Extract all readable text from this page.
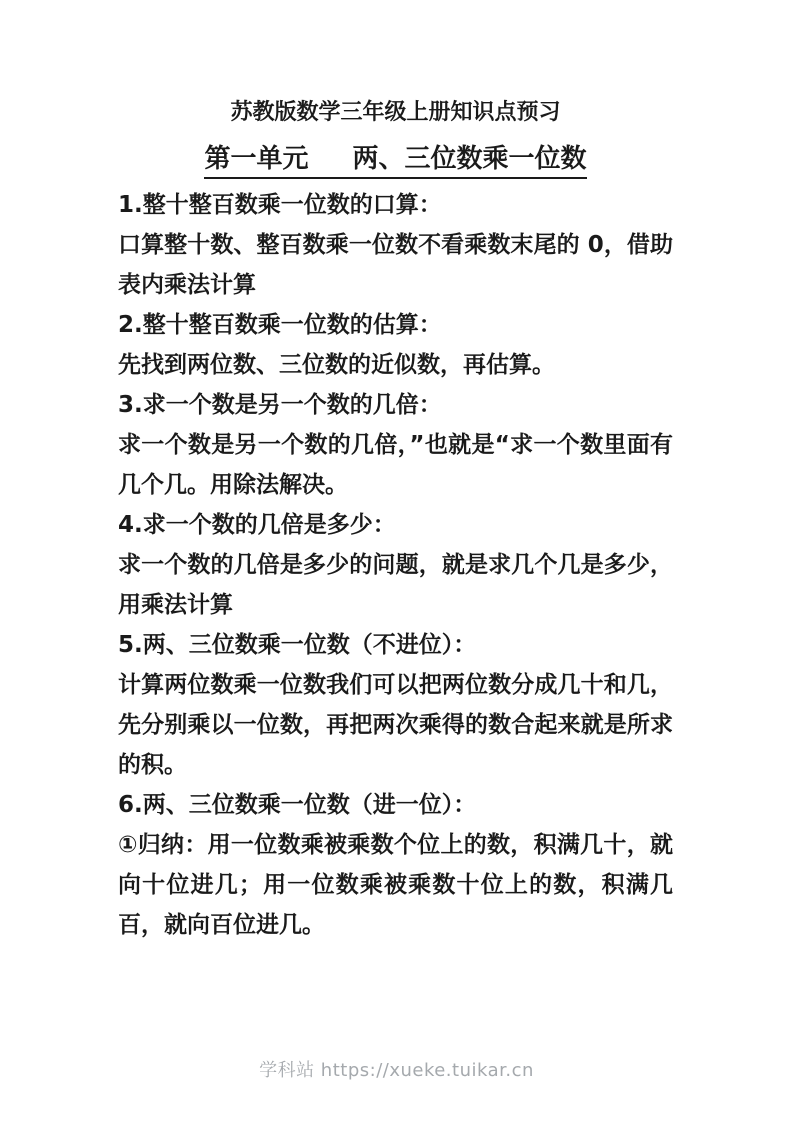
苏教版数学三年级上册知识点预习
第一单元 两、三位数乘一位数

1.整十整百数乘一位数的口算：

口算整十数、整百数乘一位数不看乘数末尾的 0，借助表内乘法计算

2.整十整百数乘一位数的估算：

先找到两位数、三位数的近似数，再估算。

3.求一个数是另一个数的几倍：

求一个数是另一个数的几倍，”也就是“求一个数里面有几个几。用除法解决。

4.求一个数的几倍是多少：

求一个数的几倍是多少的问题，就是求几个几是多少，用乘法计算

5.两、三位数乘一位数（不进位）：

计算两位数乘一位数我们可以把两位数分成几十和几，先分别乘以一位数，再把两次乘得的数合起来就是所求的积。

6.两、三位数乘一位数（进一位）：

①归纳：用一位数乘被乘数个位上的数，积满几十，就向十位进几；用一位数乘被乘数十位上的数，积满几百，就向百位进几。

学科站 https://xueke.tuikar.cn
